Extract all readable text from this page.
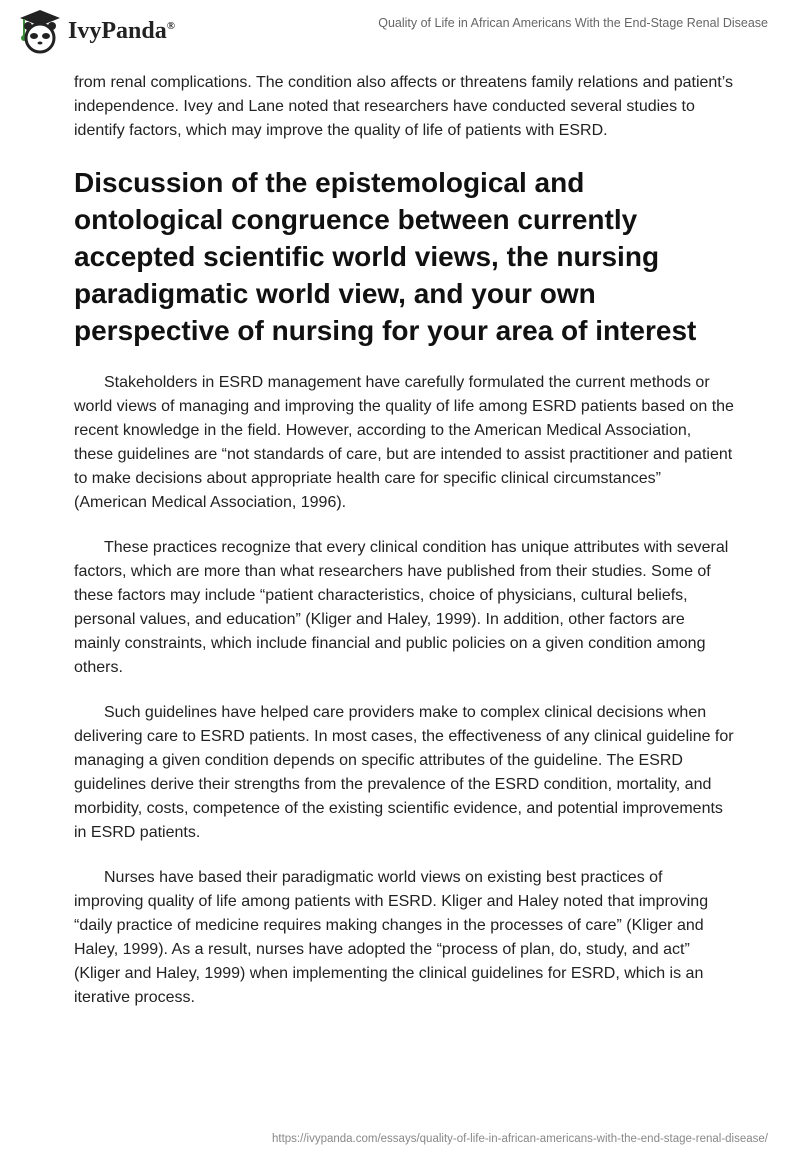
IvyPanda®	Quality of Life in African Americans With the End-Stage Renal Disease

from renal complications. The condition also affects or threatens family relations and patient’s independence. Ivey and Lane noted that researchers have conducted several studies to identify factors, which may improve the quality of life of patients with ESRD.

Discussion of the epistemological and ontological congruence between currently accepted scientific world views, the nursing paradigmatic world view, and your own perspective of nursing for your area of interest

Stakeholders in ESRD management have carefully formulated the current methods or world views of managing and improving the quality of life among ESRD patients based on the recent knowledge in the field. However, according to the American Medical Association, these guidelines are “not standards of care, but are intended to assist practitioner and patient to make decisions about appropriate health care for specific clinical circumstances” (American Medical Association, 1996).

These practices recognize that every clinical condition has unique attributes with several factors, which are more than what researchers have published from their studies. Some of these factors may include “patient characteristics, choice of physicians, cultural beliefs, personal values, and education” (Kliger and Haley, 1999). In addition, other factors are mainly constraints, which include financial and public policies on a given condition among others.

Such guidelines have helped care providers make to complex clinical decisions when delivering care to ESRD patients. In most cases, the effectiveness of any clinical guideline for managing a given condition depends on specific attributes of the guideline. The ESRD guidelines derive their strengths from the prevalence of the ESRD condition, mortality, and morbidity, costs, competence of the existing scientific evidence, and potential improvements in ESRD patients.

Nurses have based their paradigmatic world views on existing best practices of improving quality of life among patients with ESRD. Kliger and Haley noted that improving “daily practice of medicine requires making changes in the processes of care” (Kliger and Haley, 1999). As a result, nurses have adopted the “process of plan, do, study, and act” (Kliger and Haley, 1999) when implementing the clinical guidelines for ESRD, which is an iterative process.

https://ivypanda.com/essays/quality-of-life-in-african-americans-with-the-end-stage-renal-disease/
